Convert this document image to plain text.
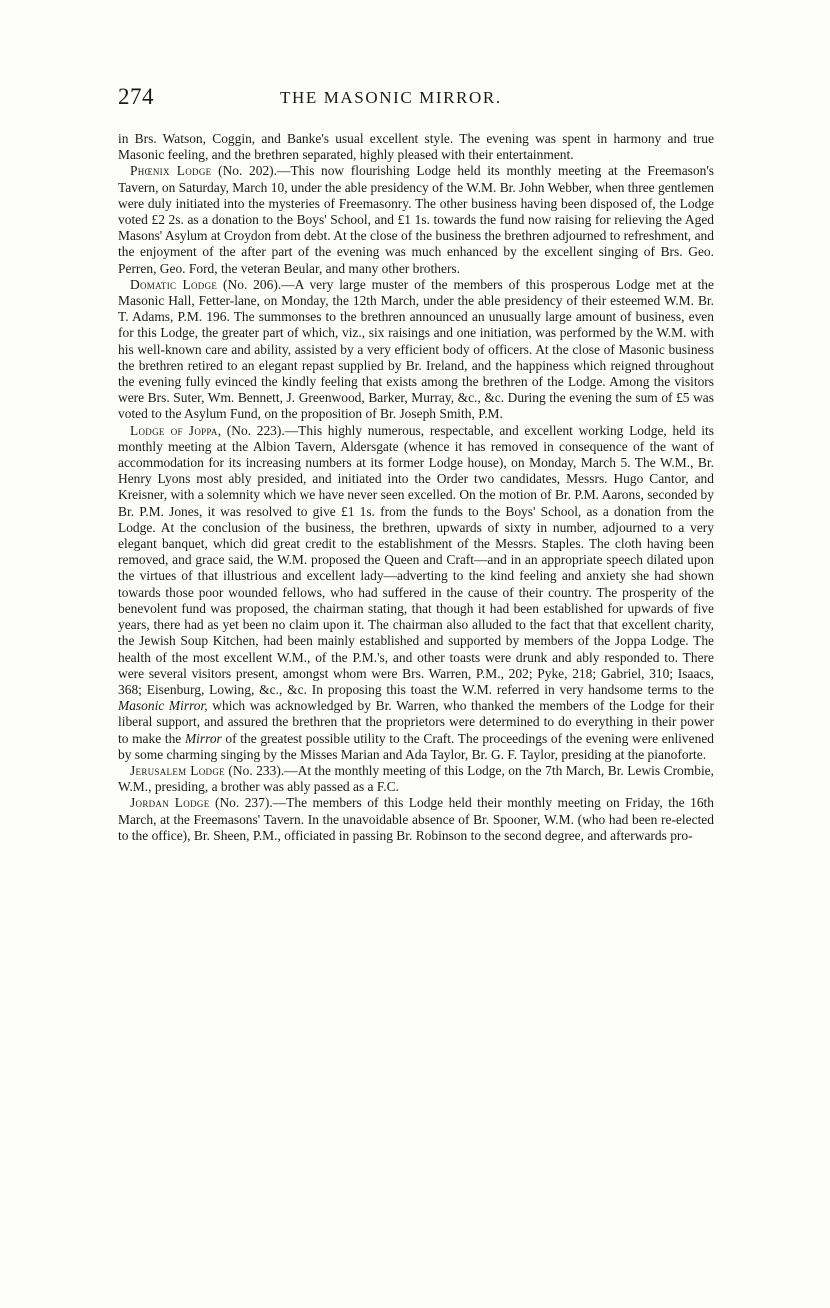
274	THE MASONIC MIRROR.

in Brs. Watson, Coggin, and Banke's usual excellent style. The evening was spent in harmony and true Masonic feeling, and the brethren separated, highly pleased with their entertainment.

Phœnix Lodge (No. 202).—This now flourishing Lodge held its monthly meeting at the Freemason's Tavern, on Saturday, March 10, under the able presidency of the W.M. Br. John Webber, when three gentlemen were duly initiated into the mysteries of Freemasonry. The other business having been disposed of, the Lodge voted £2 2s. as a donation to the Boys' School, and £1 1s. towards the fund now raising for relieving the Aged Masons' Asylum at Croydon from debt. At the close of the business the brethren adjourned to refreshment, and the enjoyment of the after part of the evening was much enhanced by the excellent singing of Brs. Geo. Perren, Geo. Ford, the veteran Beular, and many other brothers.

Domatic Lodge (No. 206).—A very large muster of the members of this prosperous Lodge met at the Masonic Hall, Fetter-lane, on Monday, the 12th March, under the able presidency of their esteemed W.M. Br. T. Adams, P.M. 196. The summonses to the brethren announced an unusually large amount of business, even for this Lodge, the greater part of which, viz., six raisings and one initiation, was performed by the W.M. with his well-known care and ability, assisted by a very efficient body of officers. At the close of Masonic business the brethren retired to an elegant repast supplied by Br. Ireland, and the happiness which reigned throughout the evening fully evinced the kindly feeling that exists among the brethren of the Lodge. Among the visitors were Brs. Suter, Wm. Bennett, J. Greenwood, Barker, Murray, &c., &c. During the evening the sum of £5 was voted to the Asylum Fund, on the proposition of Br. Joseph Smith, P.M.

Lodge of Joppa, (No. 223).—This highly numerous, respectable, and excellent working Lodge, held its monthly meeting at the Albion Tavern, Aldersgate (whence it has removed in consequence of the want of accommodation for its increasing numbers at its former Lodge house), on Monday, March 5. The W.M., Br. Henry Lyons most ably presided, and initiated into the Order two candidates, Messrs. Hugo Cantor, and Kreisner, with a solemnity which we have never seen excelled. On the motion of Br. P.M. Aarons, seconded by Br. P.M. Jones, it was resolved to give £1 1s. from the funds to the Boys' School, as a donation from the Lodge. At the conclusion of the business, the brethren, upwards of sixty in number, adjourned to a very elegant banquet, which did great credit to the establishment of the Messrs. Staples. The cloth having been removed, and grace said, the W.M. proposed the Queen and Craft—and in an appropriate speech dilated upon the virtues of that illustrious and excellent lady—adverting to the kind feeling and anxiety she had shown towards those poor wounded fellows, who had suffered in the cause of their country. The prosperity of the benevolent fund was proposed, the chairman stating, that though it had been established for upwards of five years, there had as yet been no claim upon it. The chairman also alluded to the fact that that excellent charity, the Jewish Soup Kitchen, had been mainly established and supported by members of the Joppa Lodge. The health of the most excellent W.M., of the P.M.'s, and other toasts were drunk and ably responded to. There were several visitors present, amongst whom were Brs. Warren, P.M., 202; Pyke, 218; Gabriel, 310; Isaacs, 368; Eisenburg, Lowing, &c., &c. In proposing this toast the W.M. referred in very handsome terms to the Masonic Mirror, which was acknowledged by Br. Warren, who thanked the members of the Lodge for their liberal support, and assured the brethren that the proprietors were determined to do everything in their power to make the Mirror of the greatest possible utility to the Craft. The proceedings of the evening were enlivened by some charming singing by the Misses Marian and Ada Taylor, Br. G. F. Taylor, presiding at the pianoforte.

Jerusalem Lodge (No. 233).—At the monthly meeting of this Lodge, on the 7th March, Br. Lewis Crombie, W.M., presiding, a brother was ably passed as a F.C.

Jordan Lodge (No. 237).—The members of this Lodge held their monthly meeting on Friday, the 16th March, at the Freemasons' Tavern. In the unavoidable absence of Br. Spooner, W.M. (who had been re-elected to the office), Br. Sheen, P.M., officiated in passing Br. Robinson to the second degree, and afterwards pro-
